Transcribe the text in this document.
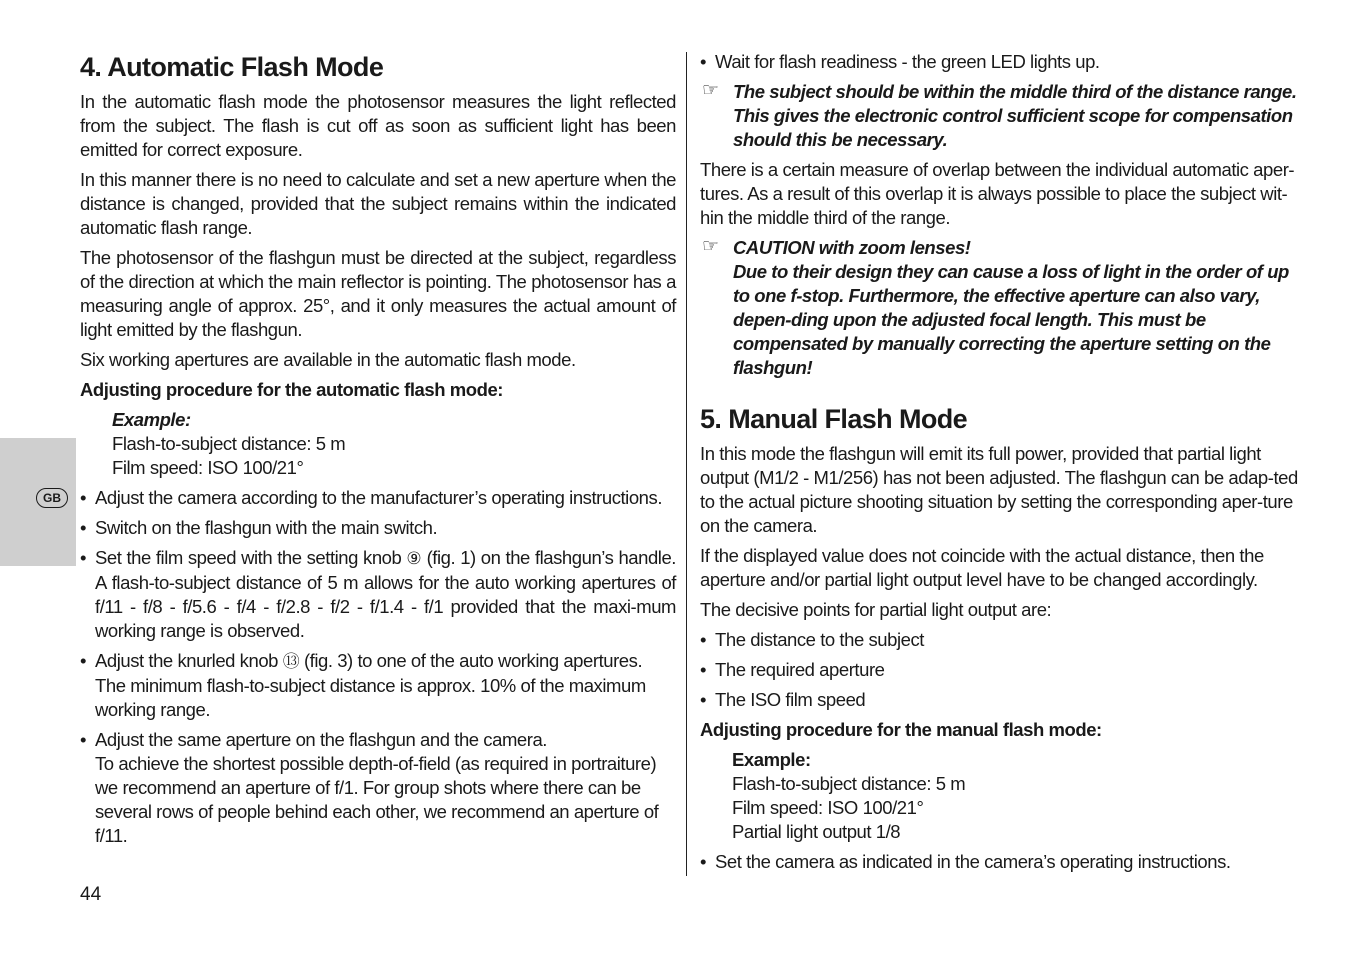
GB
4. Automatic Flash Mode

In the automatic flash mode the photosensor measures the light reflected from the subject. The flash is cut off as soon as sufficient light has been emitted for correct exposure.

In this manner there is no need to calculate and set a new aperture when the distance is changed, provided that the subject remains within the indicated automatic flash range.

The photosensor of the flashgun must be directed at the subject, regardless of the direction at which the main reflector is pointing. The photosensor has a measuring angle of approx. 25°, and it only measures the actual amount of light emitted by the flashgun.

Six working apertures are available in the automatic flash mode.

Adjusting procedure for the automatic flash mode:

Example:
Flash-to-subject distance: 5 m
Film speed: ISO 100/21°
• Adjust the camera according to the manufacturer’s operating instructions.
• Switch on the flashgun with the main switch.
• Set the film speed with the setting knob ⑨ (fig. 1) on the flashgun’s handle. A flash-to-subject distance of 5 m allows for the auto working apertures of f/11 - f/8 - f/5.6 - f/4 - f/2.8 - f/2 - f/1.4 - f/1 provided that the maxi-mum working range is observed.
• Adjust the knurled knob ⑬ (fig. 3) to one of the auto working apertures. The minimum flash-to-subject distance is approx. 10% of the maximum working range.
• Adjust the same aperture on the flashgun and the camera.
To achieve the shortest possible depth-of-field (as required in portraiture) we recommend an aperture of f/1. For group shots where there can be several rows of people behind each other, we recommend an aperture of f/11.
• Wait for flash readiness - the green LED lights up.
☞ The subject should be within the middle third of the distance range. This gives the electronic control sufficient scope for compensation should this be necessary.

There is a certain measure of overlap between the individual automatic aper-tures. As a result of this overlap it is always possible to place the subject wit-hin the middle third of the range.

☞ CAUTION with zoom lenses!
Due to their design they can cause a loss of light in the order of up to one f-stop. Furthermore, the effective aperture can also vary, depen-ding upon the adjusted focal length. This must be compensated by manually correcting the aperture setting on the flashgun!
5. Manual Flash Mode

In this mode the flashgun will emit its full power, provided that partial light output (M1/2 - M1/256) has not been adjusted. The flashgun can be adap-ted to the actual picture shooting situation by setting the corresponding aper-ture on the camera.

If the displayed value does not coincide with the actual distance, then the aperture and/or partial light output level have to be changed accordingly.

The decisive points for partial light output are:

• The distance to the subject
• The required aperture
• The ISO film speed

Adjusting procedure for the manual flash mode:

Example:
Flash-to-subject distance: 5 m
Film speed: ISO 100/21°
Partial light output 1/8
• Set the camera as indicated in the camera’s operating instructions.
44
